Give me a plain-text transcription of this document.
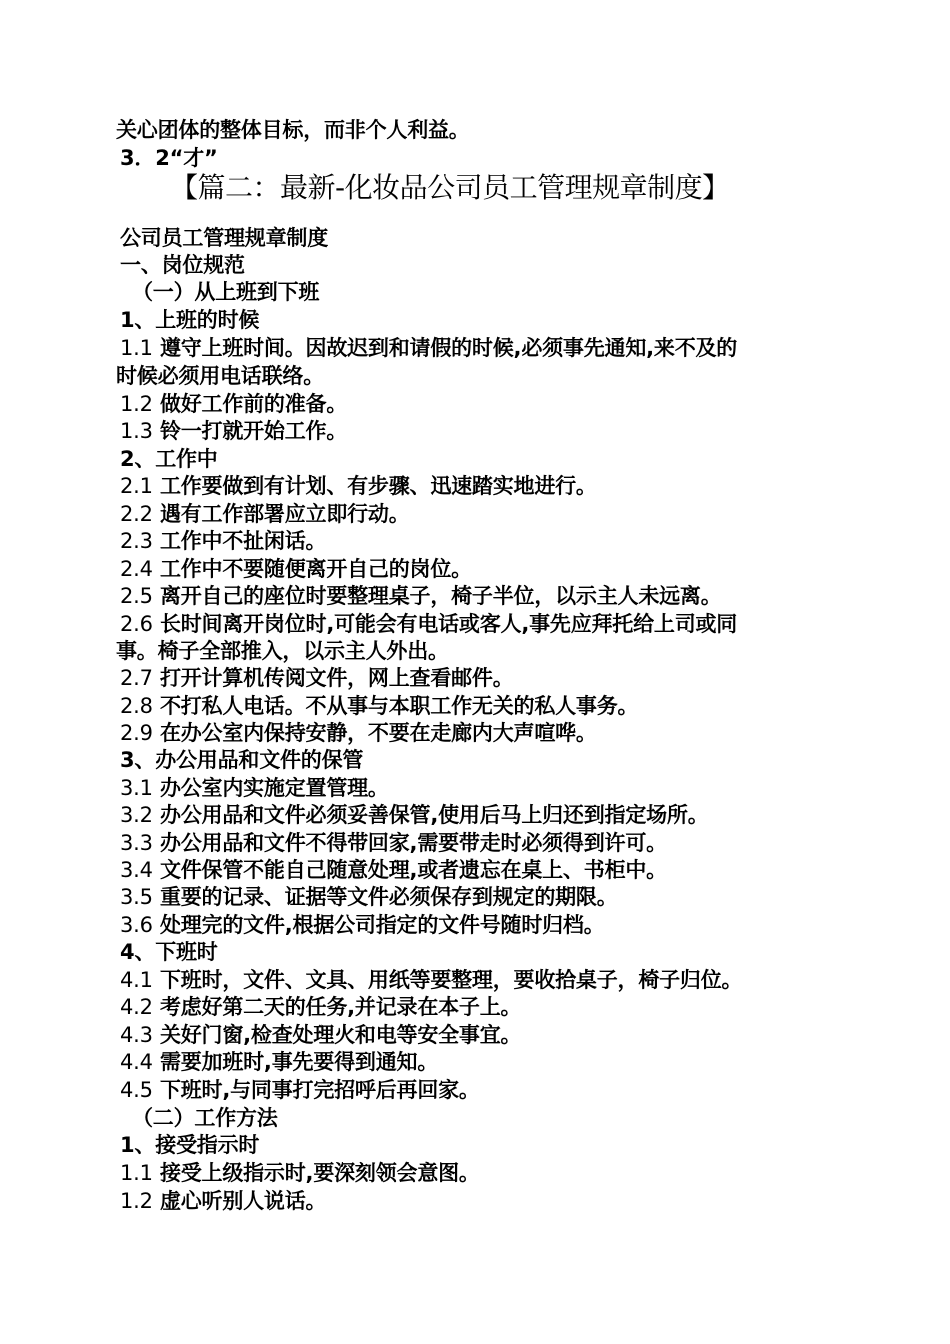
关心团体的整体目标，而非个人利益。
3．2“才”
【篇二：最新-化妆品公司员工管理规章制度】
公司员工管理规章制度
一、岗位规范
（一）从上班到下班
1、上班的时候
1.1 遵守上班时间。因故迟到和请假的时候,必须事先通知,来不及的
时候必须用电话联络。
1.2 做好工作前的准备。
1.3 铃一打就开始工作。
2、工作中
2.1 工作要做到有计划、有步骤、迅速踏实地进行。
2.2 遇有工作部署应立即行动。
2.3 工作中不扯闲话。
2.4 工作中不要随便离开自己的岗位。
2.5 离开自己的座位时要整理桌子，椅子半位，以示主人未远离。
2.6 长时间离开岗位时,可能会有电话或客人,事先应拜托给上司或同
事。椅子全部推入，以示主人外出。
2.7 打开计算机传阅文件，网上查看邮件。
2.8 不打私人电话。不从事与本职工作无关的私人事务。
2.9 在办公室内保持安静，不要在走廊内大声喧哗。
3、办公用品和文件的保管
3.1 办公室内实施定置管理。
3.2 办公用品和文件必须妥善保管,使用后马上归还到指定场所。
3.3 办公用品和文件不得带回家,需要带走时必须得到许可。
3.4 文件保管不能自己随意处理,或者遗忘在桌上、书柜中。
3.5 重要的记录、证据等文件必须保存到规定的期限。
3.6 处理完的文件,根据公司指定的文件号随时归档。
4、下班时
4.1 下班时，文件、文具、用纸等要整理，要收拾桌子，椅子归位。
4.2 考虑好第二天的任务,并记录在本子上。
4.3 关好门窗,检查处理火和电等安全事宜。
4.4 需要加班时,事先要得到通知。
4.5 下班时,与同事打完招呼后再回家。
（二）工作方法
1、接受指示时
1.1 接受上级指示时,要深刻领会意图。
1.2 虚心听别人说话。
